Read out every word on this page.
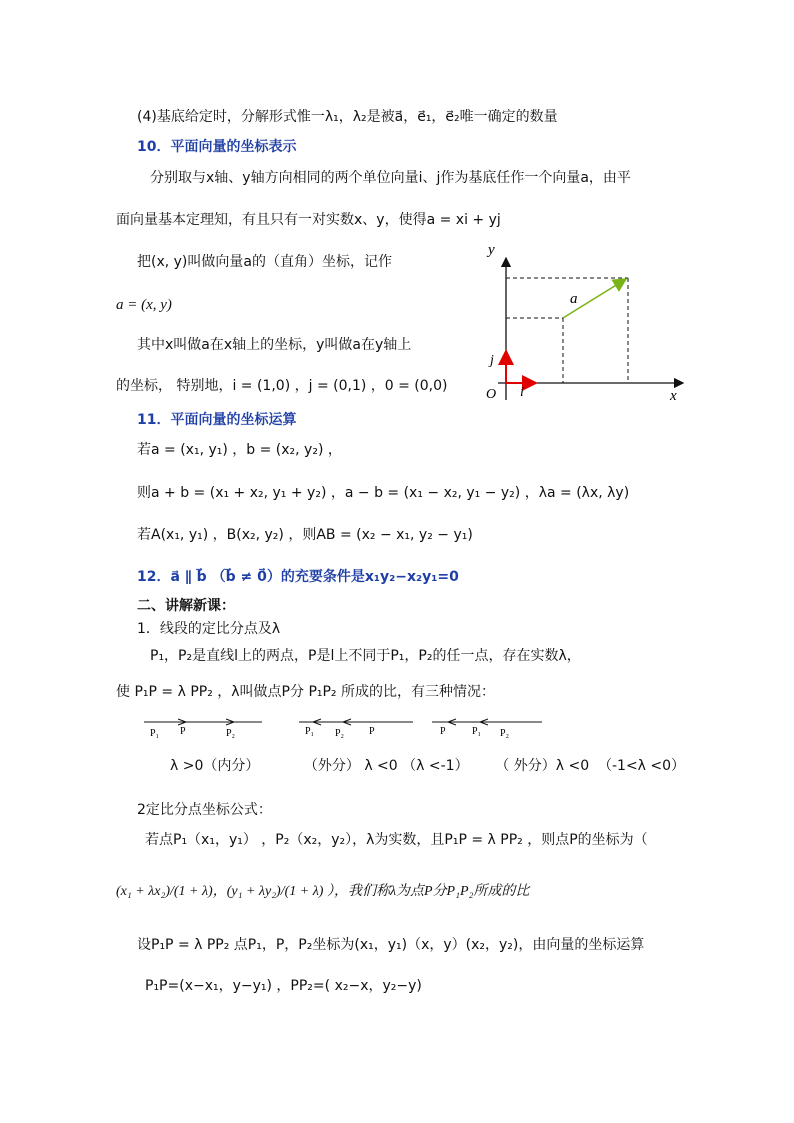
(4)基底给定时，分解形式惟一λ₁，λ₂是被a⃗，e⃗₁，e⃗₂唯一确定的数量
10．平面向量的坐标表示
分别取与x轴、y轴方向相同的两个单位向量i、j作为基底任作一个向量a，由平
面向量基本定理知，有且只有一对实数x、y，使得a = xi + yj
把(x, y)叫做向量a的（直角）坐标，记作
a = (x, y)
其中x叫做a在x轴上的坐标，y叫做a在y轴上
的坐标， 特别地，i = (1,0) ，j = (0,1) ，0 = (0,0)
y
x
O i
j
a
11．平面向量的坐标运算
若a = (x₁, y₁) ，b = (x₂, y₂) ，
则a + b = (x₁ + x₂, y₁ + y₂) ，a − b = (x₁ − x₂, y₁ − y₂) ，λa = (λx, λy)
若A(x₁, y₁) ，B(x₂, y₂) ，则AB = (x₂ − x₁, y₂ − y₁)
12．a⃗ ∥ b⃗ （b⃗ ≠ 0⃗）的充要条件是x₁y₂−x₂y₁=0
二、讲解新课：
1．线段的定比分点及λ
P₁，P₂是直线l上的两点，P是l上不同于P₁，P₂的任一点，存在实数λ，
使 P₁P = λ PP₂ ，λ叫做点P分 P₁P₂ 所成的比，有三种情况：
P₁ P	P₂	P₁ P₂ P	P	P₁ P₂
λ >0（内分）          （外分） λ <0 （λ <-1）      （ 外分）λ <0  （-1<λ <0）
2定比分点坐标公式：
若点P₁（x₁，y₁） ，P₂（x₂，y₂），λ为实数，且P₁P = λ PP₂ ，则点P的坐标为（
(x₁ + λx₂)/(1 + λ)，(y₁ + λy₂)/(1 + λ) ），我们称λ为点P分P₁P₂所成的比
设P₁P = λ PP₂ 点P₁，P，P₂坐标为(x₁，y₁)（x，y）(x₂，y₂)，由向量的坐标运算
P₁P=(x−x₁，y−y₁) ，PP₂=( x₂−x，y₂−y)
